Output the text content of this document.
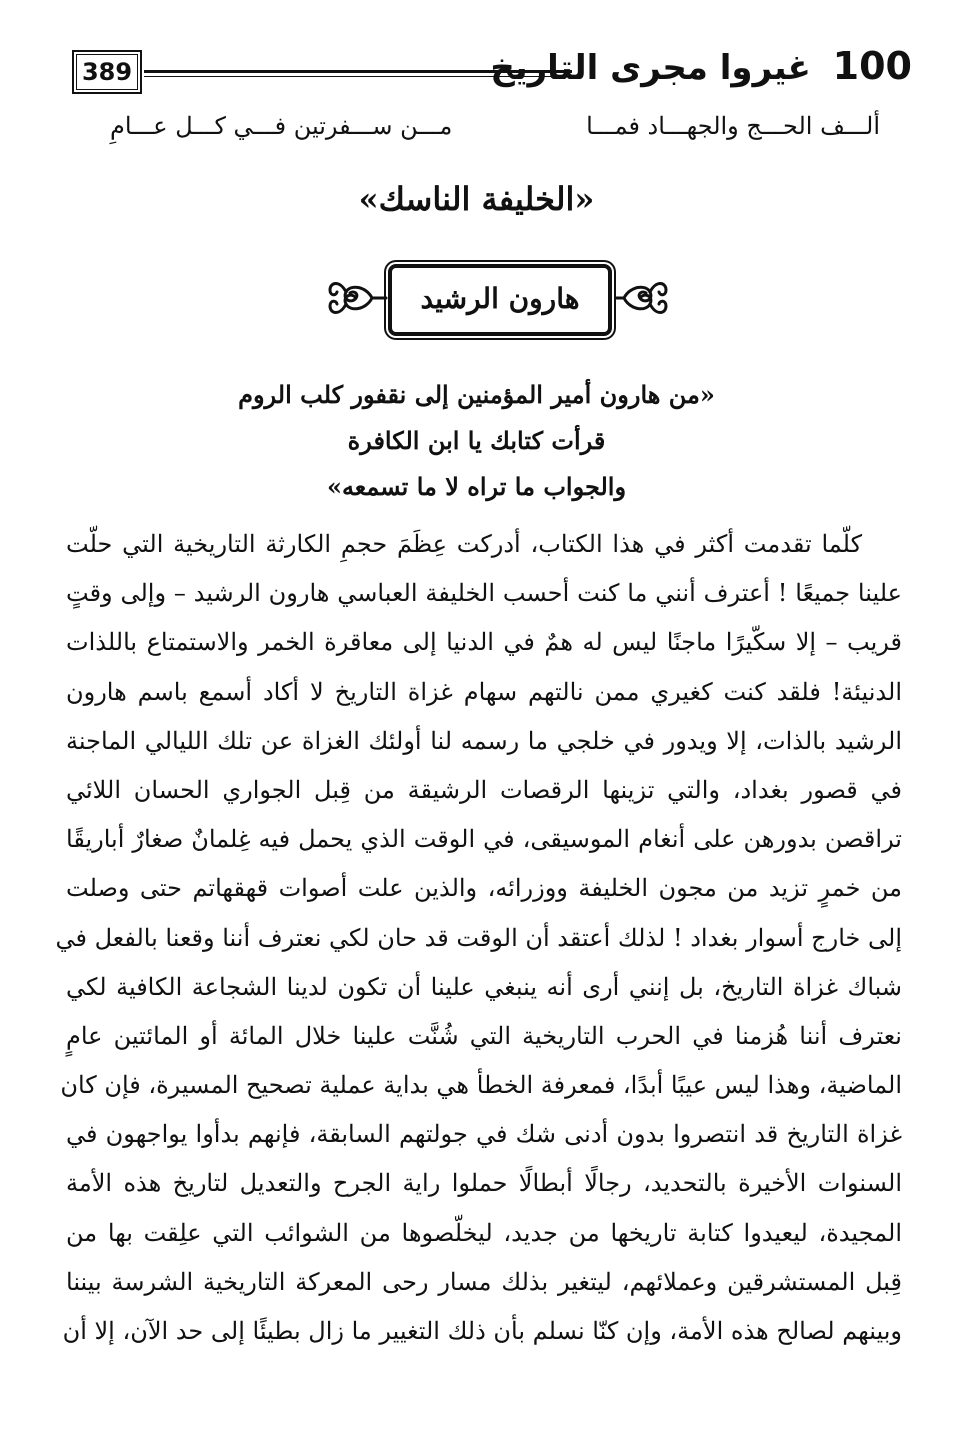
100 غيروا مجرى التاريخ
389
ألـــف الحـــج والجهـــاد فمـــا
مـــن ســـفرتين فـــي كـــل عـــامِ
«الخليفة الناسك»
هارون الرشيد
«من هارون أمير المؤمنين إلى نقفور كلب الروم
قرأت كتابك يا ابن الكافرة
والجواب ما تراه لا ما تسمعه»
كلّما تقدمت أكثر في هذا الكتاب، أدركت عِظَمَ حجمِ الكارثة التاريخية التي حلّت
علينا جميعًا ! أعترف أنني ما كنت أحسب الخليفة العباسي هارون الرشيد – وإلى وقتٍ
قريب – إلا سكّيرًا ماجنًا ليس له همٌ في الدنيا إلى معاقرة الخمر والاستمتاع باللذات
الدنيئة! فلقد كنت كغيري ممن نالتهم سهام غزاة التاريخ لا أكاد أسمع باسم هارون
الرشيد بالذات، إلا ويدور في خلجي ما رسمه لنا أولئك الغزاة عن تلك الليالي الماجنة
في قصور بغداد، والتي تزينها الرقصات الرشيقة من قِبل الجواري الحسان اللائي
تراقصن بدورهن على أنغام الموسيقى، في الوقت الذي يحمل فيه غِلمانٌ صغارٌ أباريقًا
من خمرٍ تزيد من مجون الخليفة ووزرائه، والذين علت أصوات قهقهاتم حتى وصلت
إلى خارج أسوار بغداد ! لذلك أعتقد أن الوقت قد حان لكي نعترف أننا وقعنا بالفعل في
شباك غزاة التاريخ، بل إنني أرى أنه ينبغي علينا أن تكون لدينا الشجاعة الكافية لكي
نعترف أننا هُزمنا في الحرب التاريخية التي شُنَّت علينا خلال المائة أو المائتين عامٍ
الماضية، وهذا ليس عيبًا أبدًا، فمعرفة الخطأ هي بداية عملية تصحيح المسيرة، فإن كان
غزاة التاريخ قد انتصروا بدون أدنى شك في جولتهم السابقة، فإنهم بدأوا يواجهون في
السنوات الأخيرة بالتحديد، رجالًا أبطالًا حملوا راية الجرح والتعديل لتاريخ هذه الأمة
المجيدة، ليعيدوا كتابة تاريخها من جديد، ليخلّصوها من الشوائب التي علِقت بها من
قِبل المستشرقين وعملائهم، ليتغير بذلك مسار رحى المعركة التاريخية الشرسة بيننا
وبينهم لصالح هذه الأمة، وإن كنّا نسلم بأن ذلك التغيير ما زال بطيئًا إلى حد الآن، إلا أن
